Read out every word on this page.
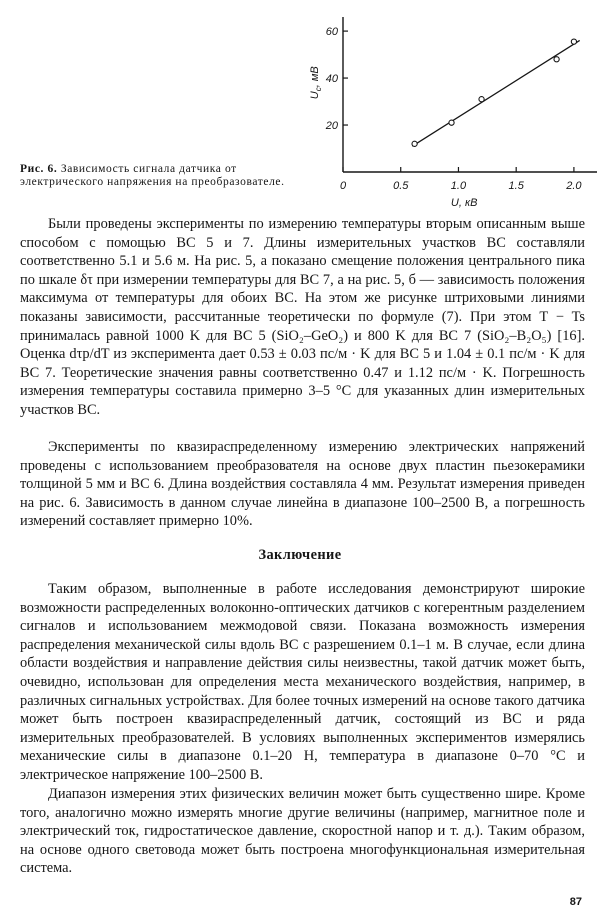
0	0.5	1.0	1.5	2.0
20
40
60
U, кВ
$U_c$, мВ
Рис. 6. Зависимость сигнала датчика от электрического напряжения на преобразователе.

Были проведены эксперименты по измерению температуры вторым описанным выше способом с помощью ВС 5 и 7. Длины измерительных участков ВС составляли соответственно 5.1 и 5.6 м. На рис. 5, а показано смещение положения центрального пика по шкале δτ при измерении температуры для ВС 7, а на рис. 5, б — зависимость положения максимума от температуры для обоих ВС. На этом же рисунке штриховыми линиями показаны зависимости, рассчитанные теоретически по формуле (7). При этом T − Ts принималась равной 1000 K для ВС 5 (SiO₂–GeO₂) и 800 K для ВС 7 (SiO₂–B₂O₅) [16]. Оценка dτp/dT из эксперимента дает 0.53 ± 0.03 пс/м · K для ВС 5 и 1.04 ± 0.1 пс/м · K для ВС 7. Теоретические значения равны соответственно 0.47 и 1.12 пс/м · K. Погрешность измерения температуры составила примерно 3–5 °C для указанных длин измерительных участков ВС.

Эксперименты по квазираспределенному измерению электрических напряжений проведены с использованием преобразователя на основе двух пластин пьезокерамики толщиной 5 мм и ВС 6. Длина воздействия составляла 4 мм. Результат измерения приведен на рис. 6. Зависимость в данном случае линейна в диапазоне 100–2500 В, а погрешность измерений составляет примерно 10%.

Заключение

Таким образом, выполненные в работе исследования демонстрируют широкие возможности распределенных волоконно-оптических датчиков с когерентным разделением сигналов и использованием межмодовой связи. Показана возможность измерения распределения механической силы вдоль ВС с разрешением 0.1–1 м. В случае, если длина области воздействия и направление действия силы неизвестны, такой датчик может быть, очевидно, использован для определения места механического воздействия, например, в различных сигнальных устройствах. Для более точных измерений на основе такого датчика может быть построен квазираспределенный датчик, состоящий из ВС и ряда измерительных преобразователей. В условиях выполненных экспериментов измерялись механические силы в диапазоне 0.1–20 Н, температура в диапазоне 0–70 °C и электрическое напряжение 100–2500 В.

Диапазон измерения этих физических величин может быть существенно шире. Кроме того, аналогично можно измерять многие другие величины (например, магнитное поле и электрический ток, гидростатическое давление, скоростной напор и т. д.). Таким образом, на основе одного световода может быть построена многофункциональная измерительная система.

87
